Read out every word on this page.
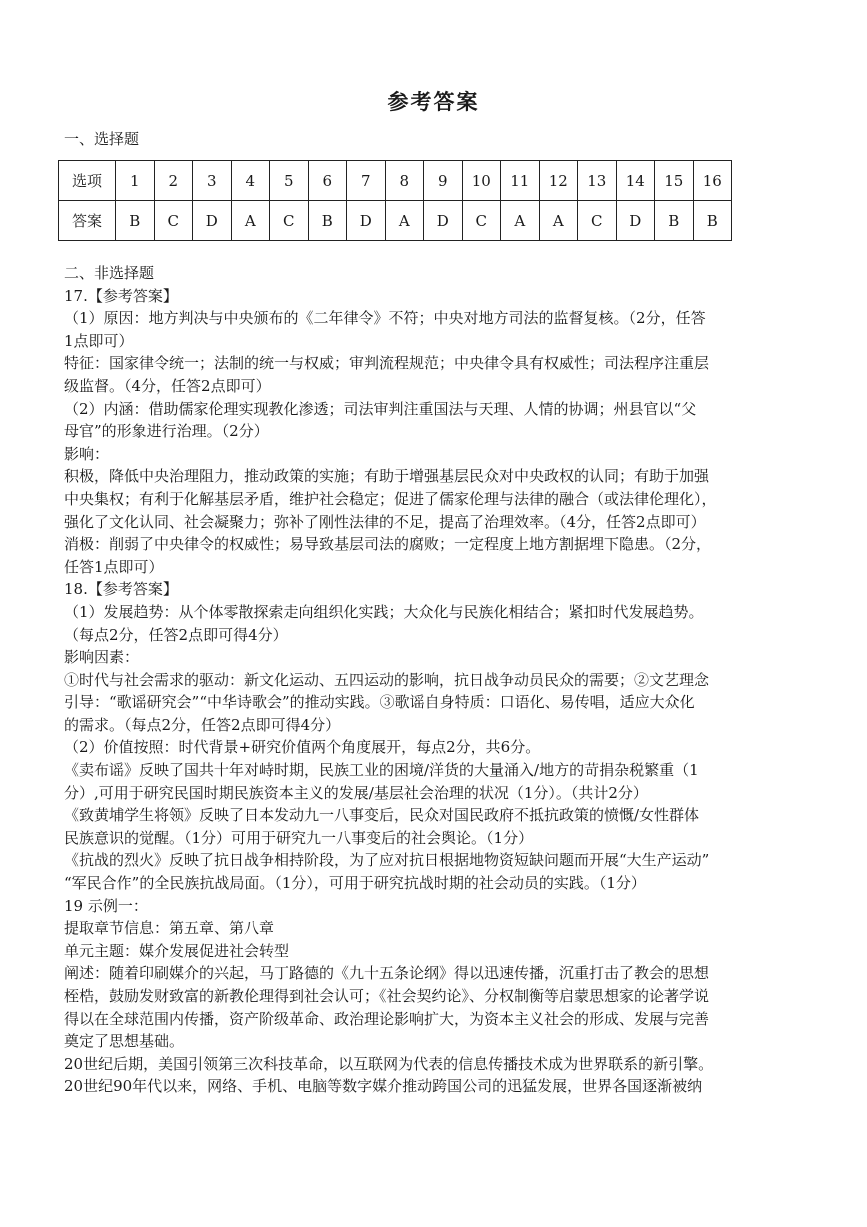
参考答案
一、选择题
选项	1	2	3	4	5	6	7	8	9	10	11	12	13	14	15	16
答案	B	C	D	A	C	B	D	A	D	C	A	A	C	D	B	B

二、非选择题

17.【参考答案】

（1）原因：地方判决与中央颁布的《二年律令》不符；中央对地方司法的监督复核。（2分，任答

1点即可）

特征：国家律令统一；法制的统一与权威；审判流程规范；中央律令具有权威性；司法程序注重层

级监督。（4分，任答2点即可）

（2）内涵：借助儒家伦理实现教化渗透；司法审判注重国法与天理、人情的协调；州县官以“父

母官”的形象进行治理。（2分）

影响：

积极，降低中央治理阻力，推动政策的实施；有助于增强基层民众对中央政权的认同；有助于加强

中央集权；有利于化解基层矛盾，维护社会稳定；促进了儒家伦理与法律的融合（或法律伦理化），

强化了文化认同、社会凝聚力；弥补了刚性法律的不足，提高了治理效率。（4分，任答2点即可）

消极：削弱了中央律令的权威性；易导致基层司法的腐败；一定程度上地方割据埋下隐患。（2分，

任答1点即可）

18.【参考答案】

（1）发展趋势：从个体零散探索走向组织化实践；大众化与民族化相结合；紧扣时代发展趋势。

（每点2分，任答2点即可得4分）

影响因素：

①时代与社会需求的驱动：新文化运动、五四运动的影响，抗日战争动员民众的需要；②文艺理念

引导：“歌谣研究会”“中华诗歌会”的推动实践。③歌谣自身特质：口语化、易传唱，适应大众化

的需求。（每点2分，任答2点即可得4分）

（2）价值按照：时代背景+研究价值两个角度展开，每点2分，共6分。

《卖布谣》反映了国共十年对峙时期，民族工业的困境/洋货的大量涌入/地方的苛捐杂税繁重（1

分）,可用于研究民国时期民族资本主义的发展/基层社会治理的状况（1分）。（共计2分）

《致黄埔学生将领》反映了日本发动九一八事变后，民众对国民政府不抵抗政策的愤慨/女性群体

民族意识的觉醒。（1分）可用于研究九一八事变后的社会舆论。（1分）

《抗战的烈火》反映了抗日战争相持阶段，为了应对抗日根据地物资短缺问题而开展“大生产运动”

“军民合作”的全民族抗战局面。（1分），可用于研究抗战时期的社会动员的实践。（1分）

19 示例一：

提取章节信息：第五章、第八章

单元主题：媒介发展促进社会转型

阐述：随着印刷媒介的兴起，马丁路德的《九十五条论纲》得以迅速传播，沉重打击了教会的思想

桎梏，鼓励发财致富的新教伦理得到社会认可；《社会契约论》、分权制衡等启蒙思想家的论著学说

得以在全球范围内传播，资产阶级革命、政治理论影响扩大，为资本主义社会的形成、发展与完善

奠定了思想基础。

20世纪后期，美国引领第三次科技革命，以互联网为代表的信息传播技术成为世界联系的新引擎。

20世纪90年代以来，网络、手机、电脑等数字媒介推动跨国公司的迅猛发展，世界各国逐渐被纳
